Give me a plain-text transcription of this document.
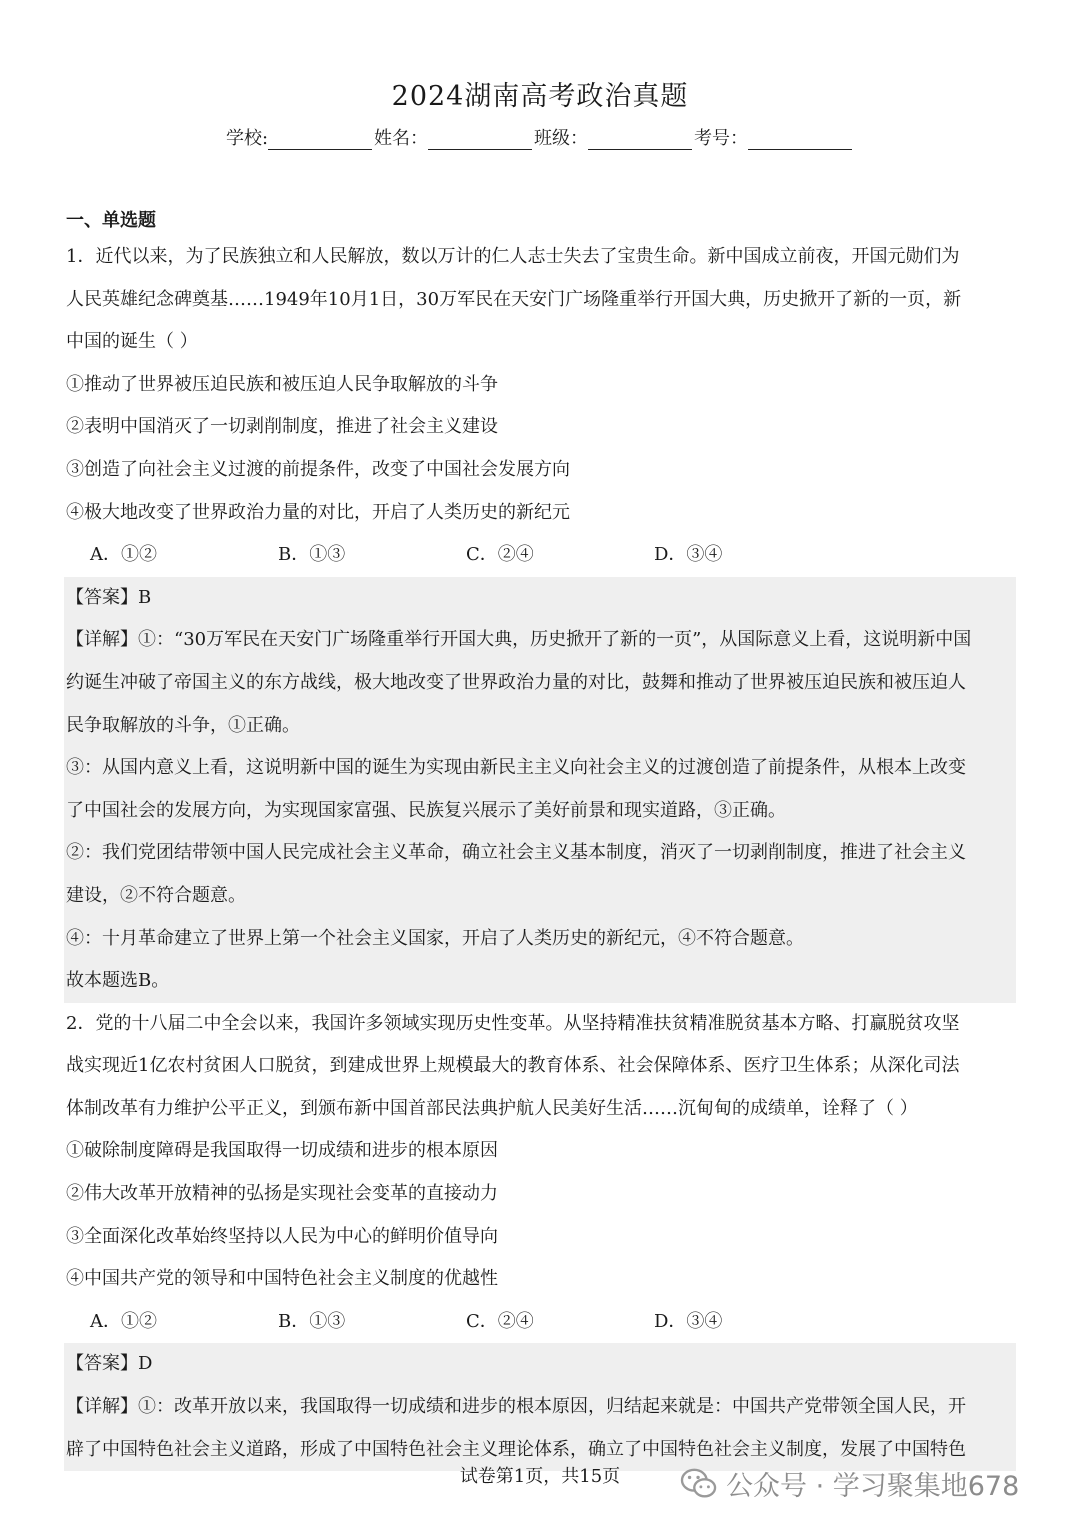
2024湖南高考政治真题
学校:	姓名：	班级：	考号：
一、单选题
1．近代以来，为了民族独立和人民解放，数以万计的仁人志士失去了宝贵生命。新中国成立前夜，开国元勋们为
人民英雄纪念碑奠基……1949年10月1日，30万军民在天安门广场隆重举行开国大典，历史掀开了新的一页，新
中国的诞生（ ）
①推动了世界被压迫民族和被压迫人民争取解放的斗争
②表明中国消灭了一切剥削制度，推进了社会主义建设
③创造了向社会主义过渡的前提条件，改变了中国社会发展方向
④极大地改变了世界政治力量的对比，开启了人类历史的新纪元
A．①②	B．①③	C．②④	D．③④
【答案】B
【详解】①：“30万军民在天安门广场隆重举行开国大典，历史掀开了新的一页”，从国际意义上看，这说明新中国
约诞生冲破了帝国主义的东方战线，极大地改变了世界政治力量的对比，鼓舞和推动了世界被压迫民族和被压迫人
民争取解放的斗争，①正确。
③：从国内意义上看，这说明新中国的诞生为实现由新民主主义向社会主义的过渡创造了前提条件，从根本上改变
了中国社会的发展方向，为实现国家富强、民族复兴展示了美好前景和现实道路，③正确。
②：我们党团结带领中国人民完成社会主义革命，确立社会主义基本制度，消灭了一切剥削制度，推进了社会主义
建设，②不符合题意。
④：十月革命建立了世界上第一个社会主义国家，开启了人类历史的新纪元，④不符合题意。
故本题选B。
2．党的十八届二中全会以来，我国许多领域实现历史性变革。从坚持精准扶贫精准脱贫基本方略、打赢脱贫攻坚
战实现近1亿农村贫困人口脱贫，到建成世界上规模最大的教育体系、社会保障体系、医疗卫生体系；从深化司法
体制改革有力维护公平正义，到颁布新中国首部民法典护航人民美好生活……沉甸甸的成绩单，诠释了（ ）
①破除制度障碍是我国取得一切成绩和进步的根本原因
②伟大改革开放精神的弘扬是实现社会变革的直接动力
③全面深化改革始终坚持以人民为中心的鲜明价值导向
④中国共产党的领导和中国特色社会主义制度的优越性
A．①②	B．①③	C．②④	D．③④
【答案】D
【详解】①：改革开放以来，我国取得一切成绩和进步的根本原因，归结起来就是：中国共产党带领全国人民，开
辟了中国特色社会主义道路，形成了中国特色社会主义理论体系，确立了中国特色社会主义制度，发展了中国特色
试卷第1页，共15页	公众号 · 学习聚集地678
